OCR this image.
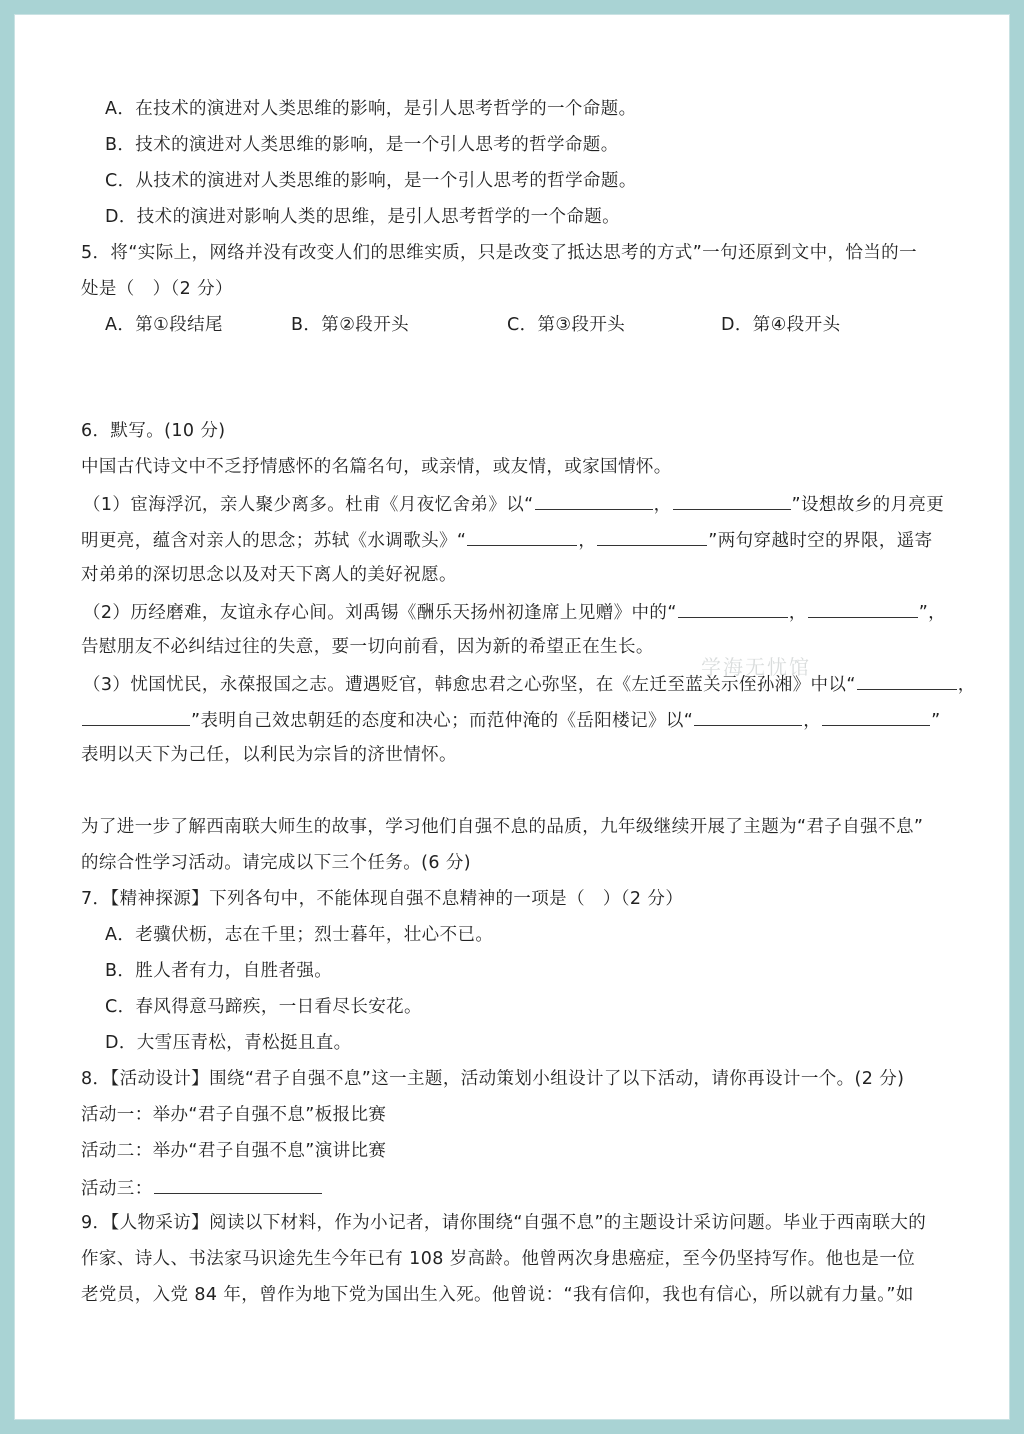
A．在技术的演进对人类思维的影响，是引人思考哲学的一个命题。
B．技术的演进对人类思维的影响，是一个引人思考的哲学命题。
C．从技术的演进对人类思维的影响，是一个引人思考的哲学命题。
D．技术的演进对影响人类的思维，是引人思考哲学的一个命题。
5．将“实际上，网络并没有改变人们的思维实质，只是改变了抵达思考的方式”一句还原到文中，恰当的一
处是（　）（2 分）
A．第①段结尾	B．第②段开头	C．第③段开头	D．第④段开头
6．默写。(10 分)
中国古代诗文中不乏抒情感怀的名篇名句，或亲情，或友情，或家国情怀。
（1）宦海浮沉，亲人聚少离多。杜甫《月夜忆舍弟》以“	，	”设想故乡的月亮更
明更亮，蕴含对亲人的思念；苏轼《水调歌头》“	，	”两句穿越时空的界限，遥寄
对弟弟的深切思念以及对天下离人的美好祝愿。
（2）历经磨难，友谊永存心间。刘禹锡《酬乐天扬州初逢席上见赠》中的“	，	”，
告慰朋友不必纠结过往的失意，要一切向前看，因为新的希望正在生长。
（3）忧国忧民，永葆报国之志。遭遇贬官，韩愈忠君之心弥坚，在《左迁至蓝关示侄孙湘》中以“	，
”表明自己效忠朝廷的态度和决心；而范仲淹的《岳阳楼记》以“	，	”
表明以天下为己任，以利民为宗旨的济世情怀。
为了进一步了解西南联大师生的故事，学习他们自强不息的品质，九年级继续开展了主题为“君子自强不息”
的综合性学习活动。请完成以下三个任务。(6 分)
7．【精神探源】下列各句中，不能体现自强不息精神的一项是（　）（2 分）
A．老骥伏枥，志在千里；烈士暮年，壮心不已。
B．胜人者有力，自胜者强。
C．春风得意马蹄疾，一日看尽长安花。
D．大雪压青松，青松挺且直。
8．【活动设计】围绕“君子自强不息”这一主题，活动策划小组设计了以下活动，请你再设计一个。(2 分)
活动一：举办“君子自强不息”板报比赛
活动二：举办“君子自强不息”演讲比赛
活动三：
9．【人物采访】阅读以下材料，作为小记者，请你围绕“自强不息”的主题设计采访问题。毕业于西南联大的
作家、诗人、书法家马识途先生今年已有 108 岁高龄。他曾两次身患癌症，至今仍坚持写作。他也是一位
老党员，入党 84 年，曾作为地下党为国出生入死。他曾说：“我有信仰，我也有信心，所以就有力量。”如
学海无忧馆
